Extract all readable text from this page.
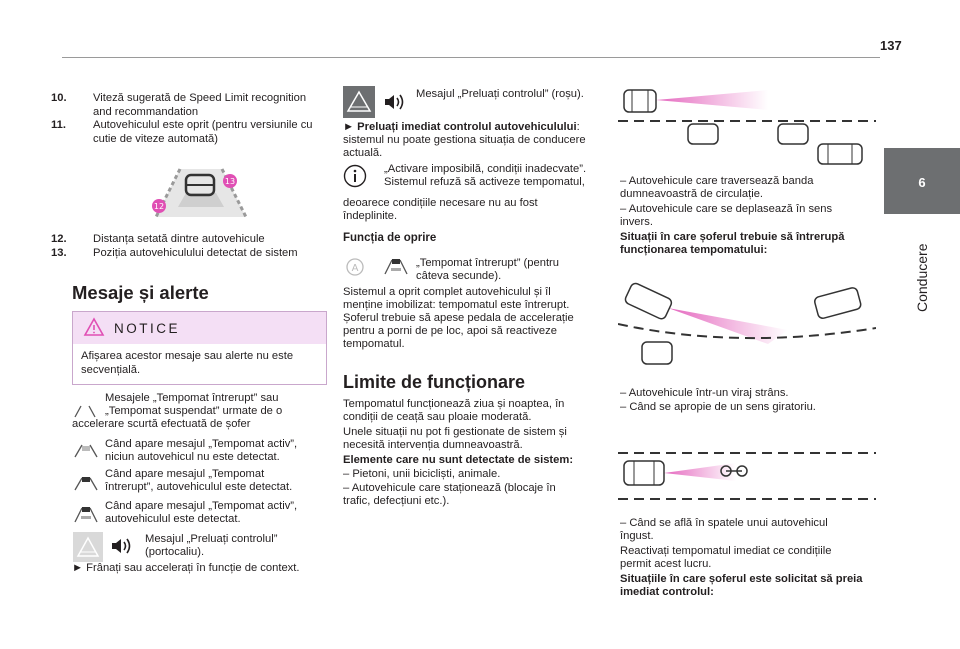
137
6
Conducere
10. Viteză sugerată de Speed Limit recognition and recommandation
11. Autovehiculul este oprit (pentru versiunile cu cutie de viteze automată)
13
12
12. Distanța setată dintre autovehicule
13. Poziția autovehiculului detectat de sistem
Mesaje și alerte
NOTICE
Afișarea acestor mesaje sau alerte nu este secvențială.
Mesajele „Tempomat întrerupt” sau
„Tempomat suspendat” urmate de o
accelerare scurtă efectuată de șofer
Când apare mesajul „Tempomat activ”,
niciun autovehicul nu este detectat.
Când apare mesajul „Tempomat
întrerupt”, autovehiculul este detectat.
Când apare mesajul „Tempomat activ”,
autovehiculul este detectat.
Mesajul „Preluați controlul”
(portocaliu).
► Frânați sau accelerați în funcție de context.
Mesajul „Preluați controlul” (roșu).
► Preluați imediat controlul autovehiculului:
sistemul nu poate gestiona situația de conducere
actuală.
„Activare imposibilă, condiții inadecvate”.
Sistemul refuză să activeze tempomatul,
deoarece condițiile necesare nu au fost
îndeplinite.
Funcția de oprire
A	„Tempomat întrerupt” (pentru
câteva secunde).
Sistemul a oprit complet autovehiculul și îl
menține imobilizat: tempomatul este întrerupt.
Șoferul trebuie să apese pedala de accelerație
pentru a porni de pe loc, apoi să reactiveze
tempomatul.
Limite de funcționare
Tempomatul funcționează ziua și noaptea, în
condiții de ceață sau ploaie moderată.
Unele situații nu pot fi gestionate de sistem și
necesită intervenția dumneavoastră.
Elemente care nu sunt detectate de sistem:
– Pietoni, unii bicicliști, animale.
– Autovehicule care staționează (blocaje în
trafic, defecțiuni etc.).
– Autovehicule care traversează banda
dumneavoastră de circulație.
– Autovehicule care se deplasează în sens
invers.
Situații în care șoferul trebuie să întrerupă
funcționarea tempomatului:
– Autovehicule într-un viraj strâns.
– Când se apropie de un sens giratoriu.
– Când se află în spatele unui autovehicul
îngust.
Reactivați tempomatul imediat ce condițiile
permit acest lucru.
Situațiile în care șoferul este solicitat să preia
imediat controlul:
